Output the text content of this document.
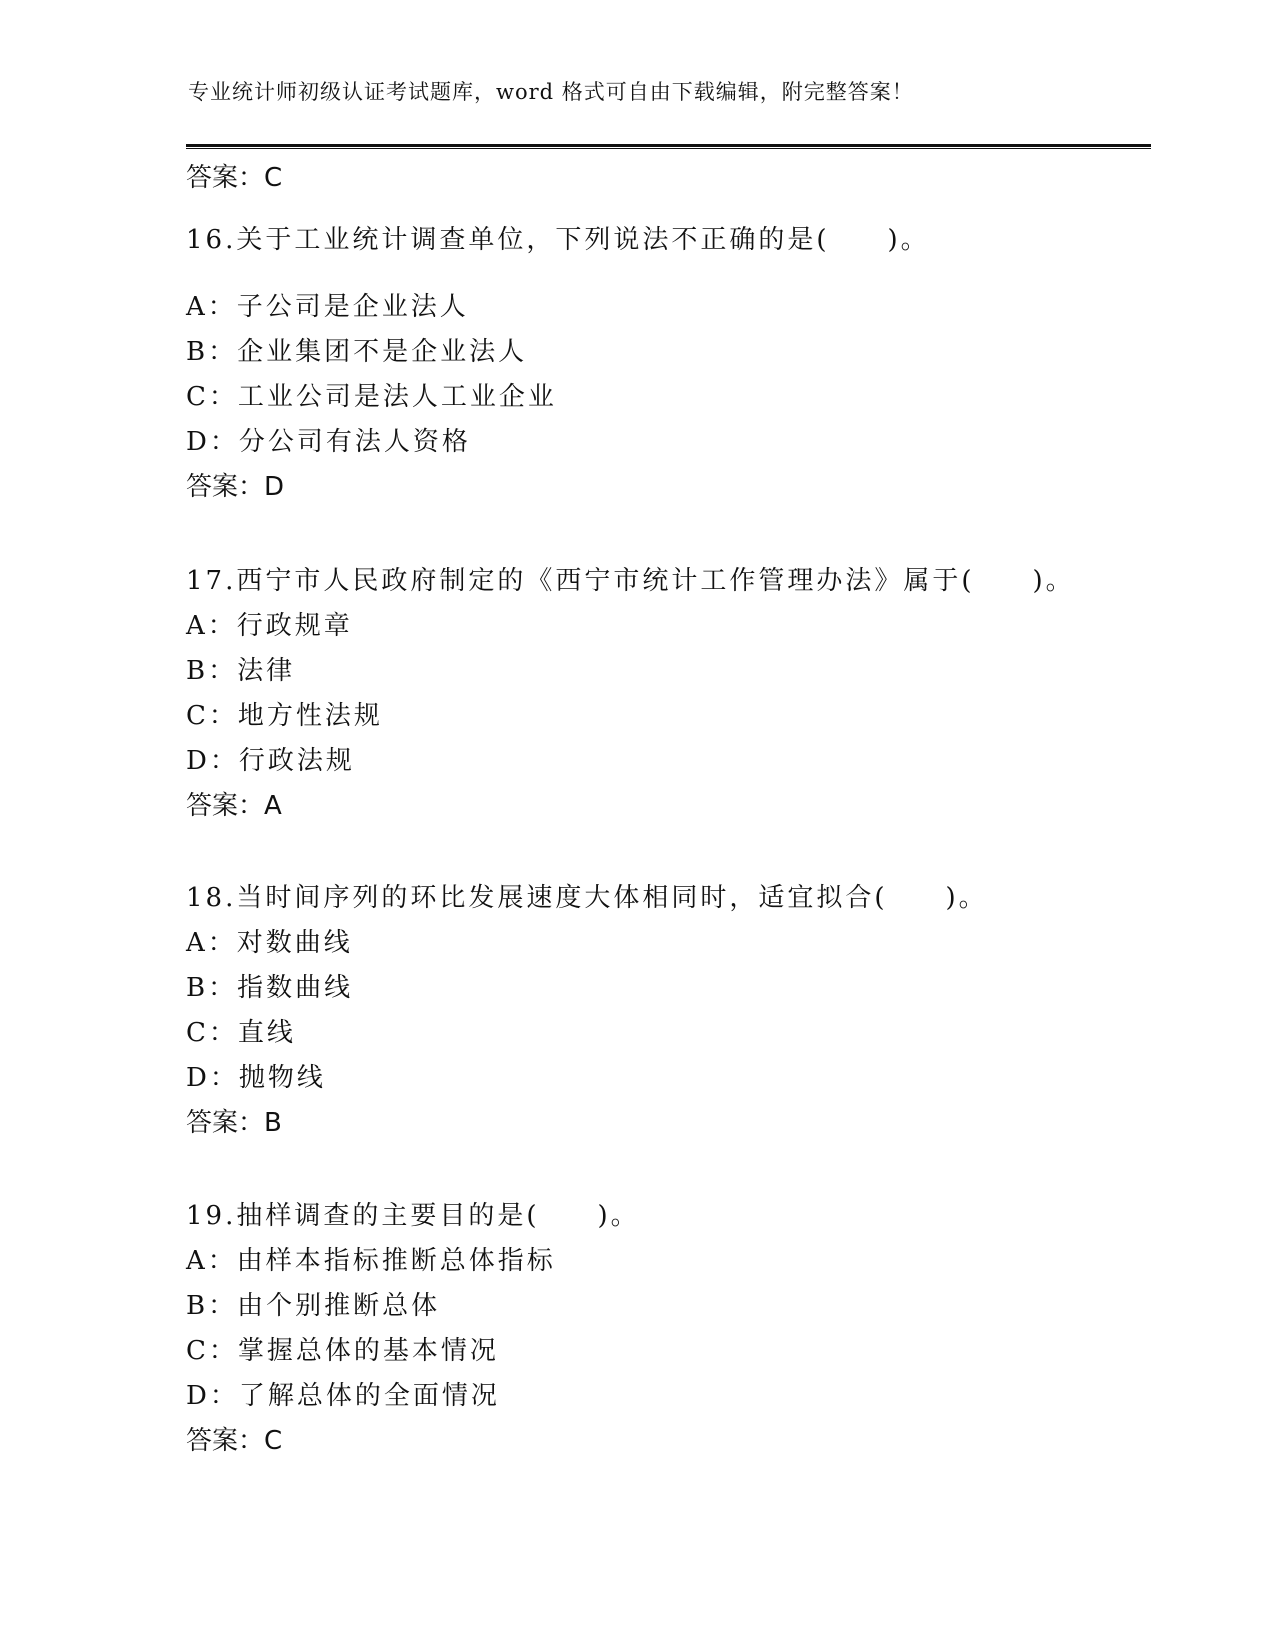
专业统计师初级认证考试题库，word 格式可自由下载编辑，附完整答案！
答案：C
16.关于工业统计调查单位，下列说法不正确的是(　　)。
A：子公司是企业法人
B：企业集团不是企业法人
C：工业公司是法人工业企业
D：分公司有法人资格
答案：D
17.西宁市人民政府制定的《西宁市统计工作管理办法》属于(　　)。
A：行政规章
B：法律
C：地方性法规
D：行政法规
答案：A
18.当时间序列的环比发展速度大体相同时，适宜拟合(　　)。
A：对数曲线
B：指数曲线
C：直线
D：抛物线
答案：B
19.抽样调查的主要目的是(　　)。
A：由样本指标推断总体指标
B：由个别推断总体
C：掌握总体的基本情况
D：了解总体的全面情况
答案：C
